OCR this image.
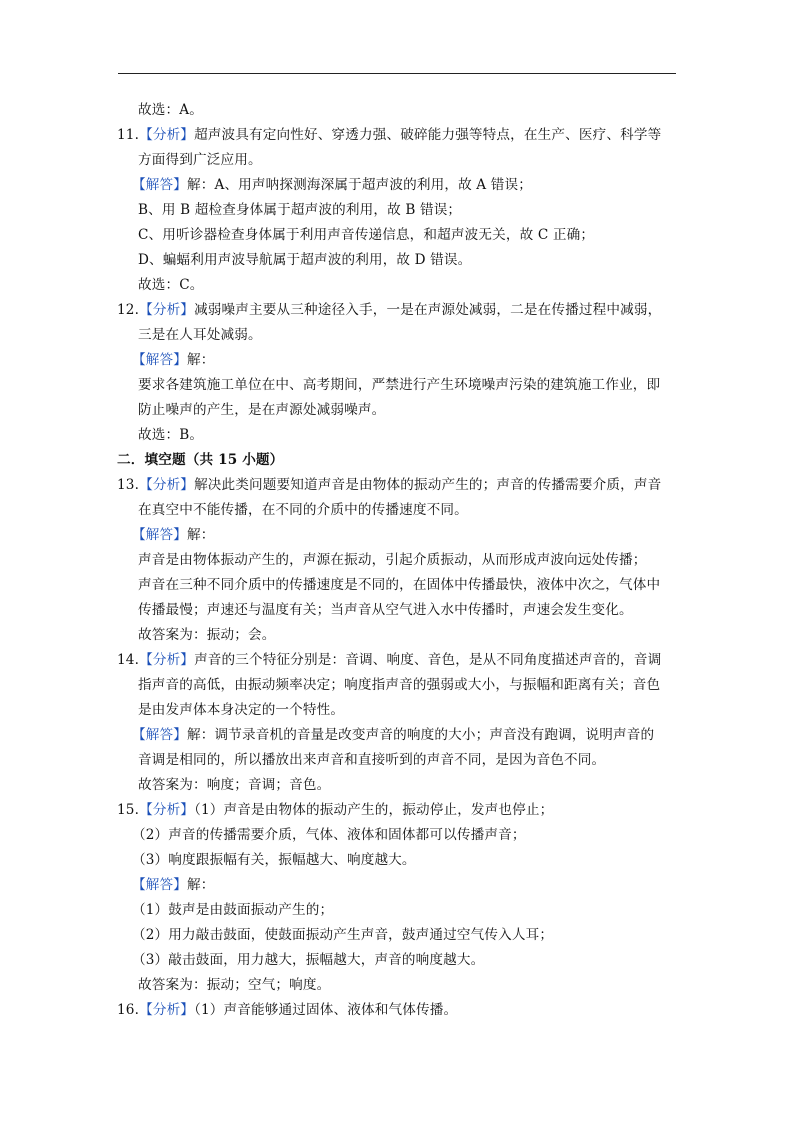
故选：A。
11.【分析】超声波具有定向性好、穿透力强、破碎能力强等特点，在生产、医疗、科学等
方面得到广泛应用。
【解答】解：A、用声呐探测海深属于超声波的利用，故 A 错误；
B、用 B 超检查身体属于超声波的利用，故 B 错误；
C、用听诊器检查身体属于利用声音传递信息，和超声波无关，故 C 正确；
D、蝙蝠利用声波导航属于超声波的利用，故 D 错误。
故选：C。
12.【分析】减弱噪声主要从三种途径入手，一是在声源处减弱，二是在传播过程中减弱，
三是在人耳处减弱。
【解答】解：
要求各建筑施工单位在中、高考期间，严禁进行产生环境噪声污染的建筑施工作业，即
防止噪声的产生，是在声源处减弱噪声。
故选：B。
二．填空题（共 15 小题）
13.【分析】解决此类问题要知道声音是由物体的振动产生的；声音的传播需要介质，声音
在真空中不能传播，在不同的介质中的传播速度不同。
【解答】解：
声音是由物体振动产生的，声源在振动，引起介质振动，从而形成声波向远处传播；
声音在三种不同介质中的传播速度是不同的，在固体中传播最快，液体中次之，气体中
传播最慢；声速还与温度有关；当声音从空气进入水中传播时，声速会发生变化。
故答案为：振动；会。
14.【分析】声音的三个特征分别是：音调、响度、音色，是从不同角度描述声音的，音调
指声音的高低，由振动频率决定；响度指声音的强弱或大小，与振幅和距离有关；音色
是由发声体本身决定的一个特性。
【解答】解：调节录音机的音量是改变声音的响度的大小；声音没有跑调，说明声音的
音调是相同的，所以播放出来声音和直接听到的声音不同，是因为音色不同。
故答案为：响度；音调；音色。
15.【分析】（1）声音是由物体的振动产生的，振动停止，发声也停止；
（2）声音的传播需要介质，气体、液体和固体都可以传播声音；
（3）响度跟振幅有关，振幅越大、响度越大。
【解答】解：
（1）鼓声是由鼓面振动产生的；
（2）用力敲击鼓面，使鼓面振动产生声音，鼓声通过空气传入人耳；
（3）敲击鼓面，用力越大，振幅越大，声音的响度越大。
故答案为：振动；空气；响度。
16.【分析】（1）声音能够通过固体、液体和气体传播。
